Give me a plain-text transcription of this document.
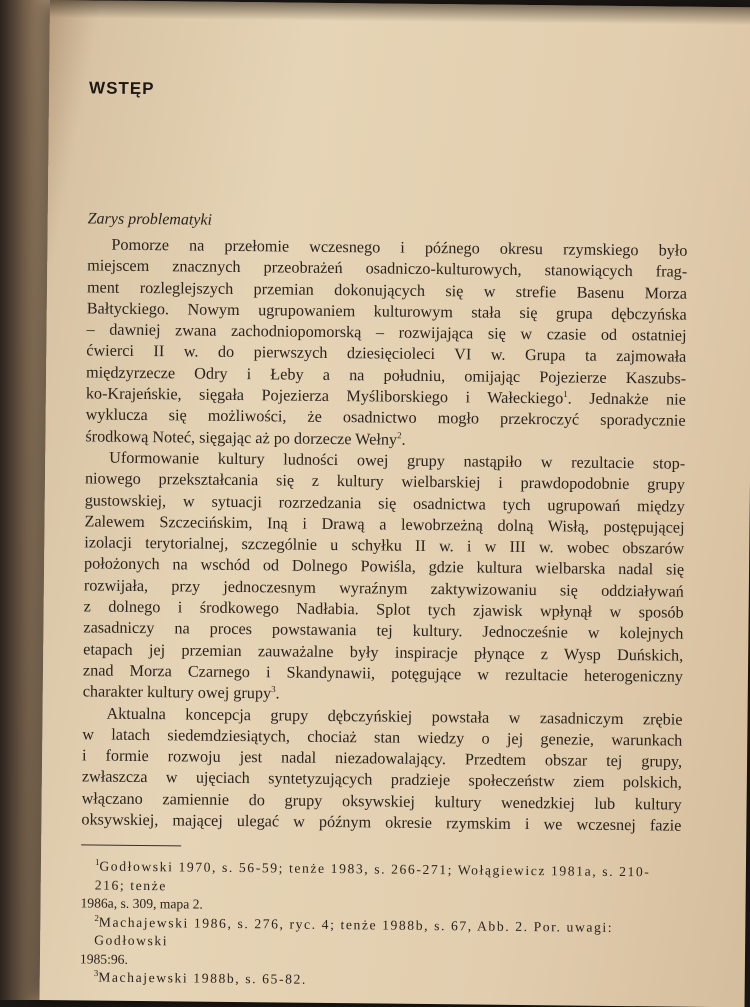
WSTĘP
Zarys problematyki

Pomorze na przełomie wczesnego i późnego okresu rzymskiego było
miejscem znacznych przeobrażeń osadniczo-kulturowych, stanowiących frag-
ment rozleglejszych przemian dokonujących się w strefie Basenu Morza
Bałtyckiego. Nowym ugrupowaniem kulturowym stała się grupa dębczyńska
– dawniej zwana zachodniopomorską – rozwijająca się w czasie od ostatniej
ćwierci II w. do pierwszych dziesięcioleci VI w. Grupa ta zajmowała
międzyrzecze Odry i Łeby a na południu, omijając Pojezierze Kaszubs-
ko-Krajeńskie, sięgała Pojezierza Myśliborskiego i Wałeckiego$^1$. Jednakże nie
wyklucza się możliwości, że osadnictwo mogło przekroczyć sporadycznie
środkową Noteć, sięgając aż po dorzecze Wełny$^2$.

Uformowanie kultury ludności owej grupy nastąpiło w rezultacie stop-
niowego przekształcania się z kultury wielbarskiej i prawdopodobnie grupy
gustowskiej, w sytuacji rozrzedzania się osadnictwa tych ugrupowań między
Zalewem Szczecińskim, Iną i Drawą a lewobrzeżną dolną Wisłą, postępującej
izolacji terytorialnej, szczególnie u schyłku II w. i w III w. wobec obszarów
położonych na wschód od Dolnego Powiśla, gdzie kultura wielbarska nadal się
rozwijała, przy jednoczesnym wyraźnym zaktywizowaniu się oddziaływań
z dolnego i środkowego Nadłabia. Splot tych zjawisk wpłynął w sposób
zasadniczy na proces powstawania tej kultury. Jednocześnie w kolejnych
etapach jej przemian zauważalne były inspiracje płynące z Wysp Duńskich,
znad Morza Czarnego i Skandynawii, potęgujące w rezultacie heterogeniczny
charakter kultury owej grupy$^3$.

Aktualna koncepcja grupy dębczyńskiej powstała w zasadniczym zrębie
w latach siedemdziesiątych, chociaż stan wiedzy o jej genezie, warunkach
i formie rozwoju jest nadal niezadowalający. Przedtem obszar tej grupy,
zwłaszcza w ujęciach syntetyzujących pradzieje społeczeństw ziem polskich,
włączano zamiennie do grupy oksywskiej kultury wenedzkiej lub kultury
oksywskiej, mającej ulegać w późnym okresie rzymskim i we wczesnej fazie

$^1$Godłowski 1970, s. 56-59; tenże 1983, s. 266-271; Wołągiewicz 1981a, s. 210-216; tenże
1986a, s. 309, mapa 2.
$^2$Machajewski 1986, s. 276, ryc. 4; tenże 1988b, s. 67, Abb. 2. Por. uwagi: Godłowski
1985:96.
$^3$Machajewski 1988b, s. 65-82.
